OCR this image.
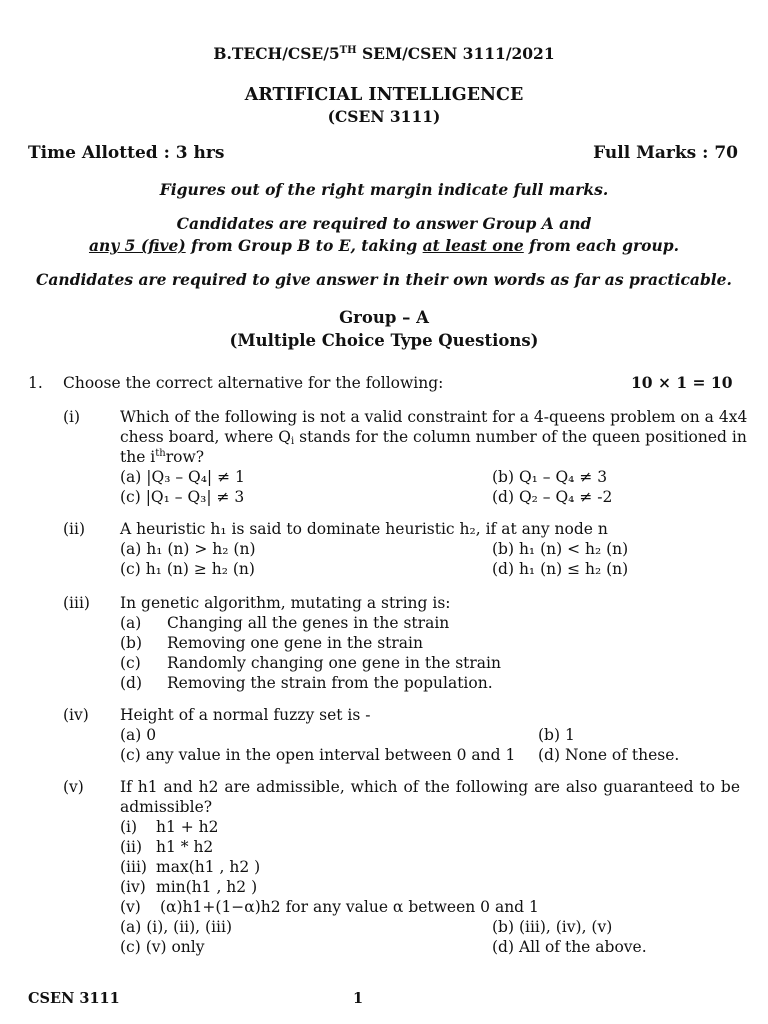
B.TECH/CSE/5TH SEM/CSEN 3111/2021
ARTIFICIAL INTELLIGENCE
(CSEN 3111)
Time Allotted : 3 hrs	Full Marks : 70
Figures out of the right margin indicate full marks.
Candidates are required to answer Group A and
any 5 (five) from Group B to E, taking at least one from each group.
Candidates are required to give answer in their own words as far as practicable.
Group – A
(Multiple Choice Type Questions)
1. Choose the correct alternative for the following:	10 × 1 = 10
(i)	Which of the following is not a valid constraint for a 4-queens problem on a 4x4
chess board, where $Q_i$ stands for the column number of the queen positioned in
the $i^{th}row$?
(a) |Q₃ – Q₄| ≠ 1	(b) Q₁ – Q₄ ≠ 3
(c) |Q₁ – Q₃| ≠ 3	(d) Q₂ – Q₄ ≠ -2
(ii) A heuristic h₁ is said to dominate heuristic h₂, if at any node n
(a) h₁ (n) > h₂ (n)	(b) h₁ (n) < h₂ (n)
(c) h₁ (n) ≥ h₂ (n)	(d) h₁ (n) ≤ h₂ (n)
(iii) In genetic algorithm, mutating a string is:
(a) Changing all the genes in the strain
(b) Removing one gene in the strain
(c) Randomly changing one gene in the strain
(d) Removing the strain from the population.
(iv) Height of a normal fuzzy set is -
(a) 0	(b) 1
(c) any value in the open interval between 0 and 1 (d) None of these.
(v) If h1 and h2 are admissible, which of the following are also guaranteed to be
admissible?
(i) h1 + h2
(ii) h1 * h2
(iii) max(h1 , h2 )
(iv) min(h1 , h2 )
(v) (α)h1+(1−α)h2 for any value α between 0 and 1
(a) (i), (ii), (iii)	(b) (iii), (iv), (v)
(c) (v) only	(d) All of the above.
CSEN 3111	1
